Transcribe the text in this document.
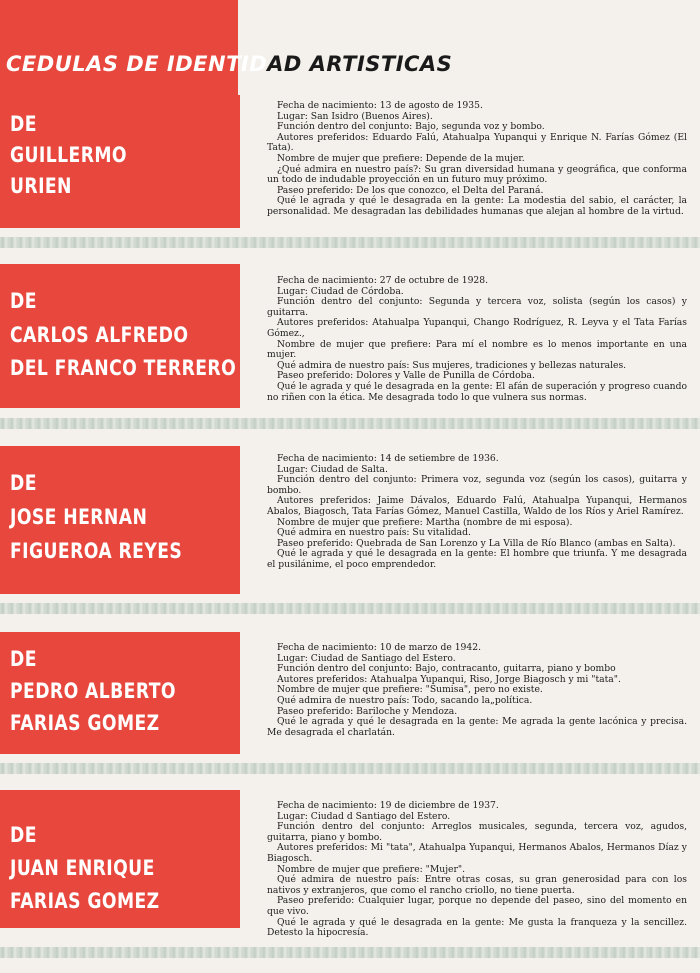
CEDULAS DE IDENTIDAD ARTISTICAS
DE
GUILLERMO
URIEN

Fecha de nacimiento: 13 de agosto de 1935.

Lugar: San Isidro (Buenos Aires).

Función dentro del conjunto: Bajo, segunda voz y bombo.

Autores preferidos: Eduardo Falú, Atahualpa Yupanqui y Enrique N. Farías Gómez (El Tata).

Nombre de mujer que prefiere: Depende de la mujer.

¿Qué admira en nuestro país?: Su gran diversidad humana y geográfica, que conforma un todo de indudable proyección en un futuro muy próximo.

Paseo preferido: De los que conozco, el Delta del Paraná.

Qué le agrada y qué le desagrada en la gente: La modestia del sabio, el carácter, la personalidad. Me desagradan las debilidades humanas que alejan al hombre de la virtud.

DE
CARLOS ALFREDO
DEL FRANCO TERRERO

Fecha de nacimiento: 27 de octubre de 1928.

Lugar: Ciudad de Córdoba.

Función dentro del conjunto: Segunda y tercera voz, solista (según los casos) y guitarra.

Autores preferidos: Atahualpa Yupanqui, Chango Rodríguez, R. Leyva y el Tata Farías Gómez.,

Nombre de mujer que prefiere: Para mí el nombre es lo menos importante en una mujer.

Qué admira de nuestro país: Sus mujeres, tradiciones y bellezas naturales.

Paseo preferido: Dolores y Valle de Punilla de Córdoba.

Qué le agrada y qué le desagrada en la gente: El afán de superación y progreso cuando no riñen con la ética. Me desagrada todo lo que vulnera sus normas.

DE
JOSE HERNAN
FIGUEROA REYES

Fecha de nacimiento: 14 de setiembre de 1936.

Lugar: Ciudad de Salta.

Función dentro del conjunto: Primera voz, segunda voz (según los casos), guitarra y bombo.

Autores preferidos: Jaime Dávalos, Eduardo Falú, Atahualpa Yupanqui, Hermanos Abalos, Biagosch, Tata Farías Gómez, Manuel Castilla, Waldo de los Ríos y Ariel Ramírez.

Nombre de mujer que prefiere: Martha (nombre de mi esposa).

Qué admira en nuestro país: Su vitalidad.

Paseo preferido: Quebrada de San Lorenzo y La Villa de Río Blanco (ambas en Salta).

Qué le agrada y qué le desagrada en la gente: El hombre que triunfa. Y me desagrada el pusilánime, el poco emprendedor.

DE
PEDRO ALBERTO
FARIAS GOMEZ

Fecha de nacimiento: 10 de marzo de 1942.

Lugar: Ciudad de Santiago del Estero.

Función dentro del conjunto: Bajo, contracanto, guitarra, piano y bombo

Autores preferidos: Atahualpa Yupanqui, Riso, Jorge Biagosch y mi "tata".

Nombre de mujer que prefiere: "Sumisa", pero no existe.

Qué admira de nuestro país: Todo, sacando la„política.

Paseo preferido: Bariloche y Mendoza.

Qué le agrada y qué le desagrada en la gente: Me agrada la gente lacónica y precisa. Me desagrada el charlatán.

DE
JUAN ENRIQUE
FARIAS GOMEZ

Fecha de nacimiento: 19 de diciembre de 1937.

Lugar: Ciudad d Santiago del Estero.

Función dentro del conjunto: Arreglos musicales, segunda, tercera voz, agudos, guitarra, piano y bombo.

Autores preferidos: Mi "tata", Atahualpa Yupanqui, Hermanos Abalos, Hermanos Díaz y Biagosch.

Nombre de mujer que prefiere: "Mujer".

Qué admira de nuestro país: Entre otras cosas, su gran generosidad para con los nativos y extranjeros, que como el rancho criollo, no tiene puerta.

Paseo preferido: Cualquier lugar, porque no depende del paseo, sino del momento en que vivo.

Qué le agrada y qué le desagrada en la gente: Me gusta la franqueza y la sencillez. Detesto la hipocresía.
